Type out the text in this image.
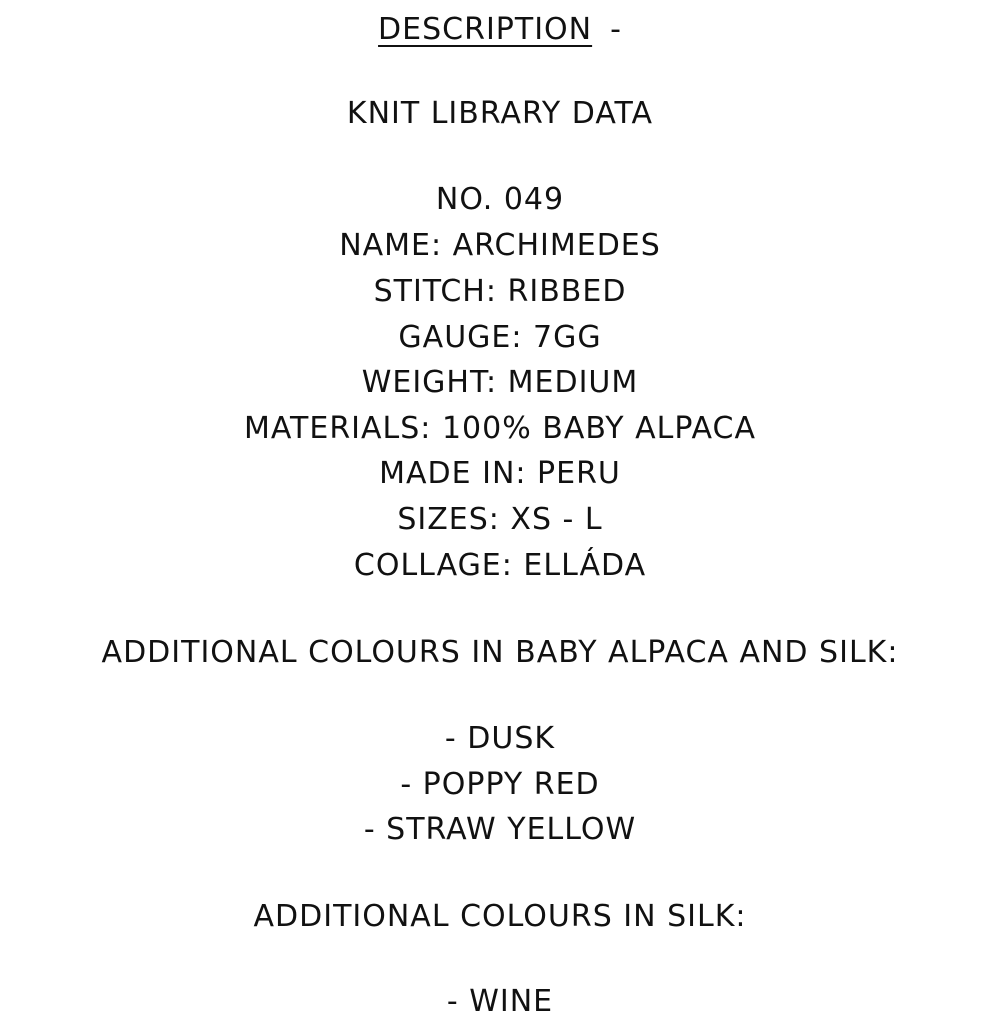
DESCRIPTION -
KNIT LIBRARY DATA
NO. 049
NAME: ARCHIMEDES
STITCH: RIBBED
GAUGE: 7GG
WEIGHT: MEDIUM
MATERIALS: 100% BABY ALPACA
MADE IN: PERU
SIZES: XS - L
COLLAGE: ELLÁDA
ADDITIONAL COLOURS IN BABY ALPACA AND SILK:
- DUSK
- POPPY RED
- STRAW YELLOW
ADDITIONAL COLOURS IN SILK:
- WINE
